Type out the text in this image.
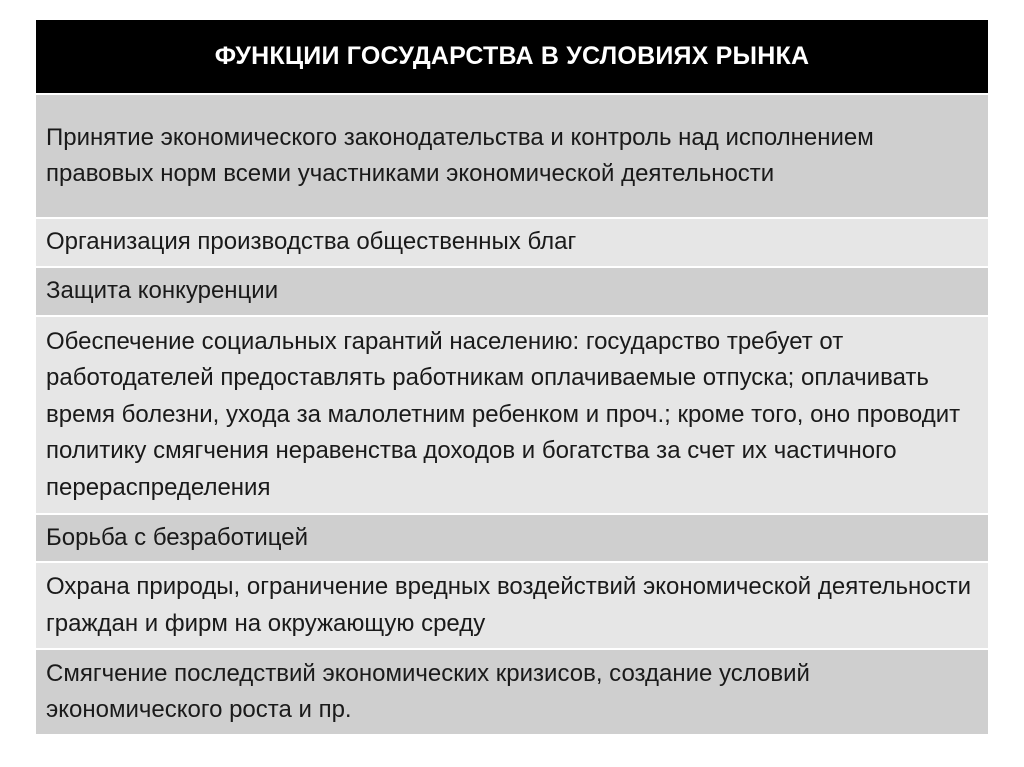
ФУНКЦИИ ГОСУДАРСТВА В УСЛОВИЯХ РЫНКА
Принятие экономического законодательства и контроль над исполнением правовых норм всеми участниками экономической деятельности
Организация производства общественных благ
Защита конкуренции
Обеспечение социальных гарантий населению: государство требует от работодателей предоставлять работникам оплачиваемые отпуска; оплачивать время болезни, ухода за малолетним ребенком и проч.; кроме того, оно проводит политику смягчения неравенства доходов и богатства за счет их частичного перераспределения
Борьба с безработицей
Охрана природы, ограничение вредных воздействий экономической деятельности граждан и фирм на окружающую среду
Смягчение последствий экономических кризисов, создание условий экономического роста и пр.
